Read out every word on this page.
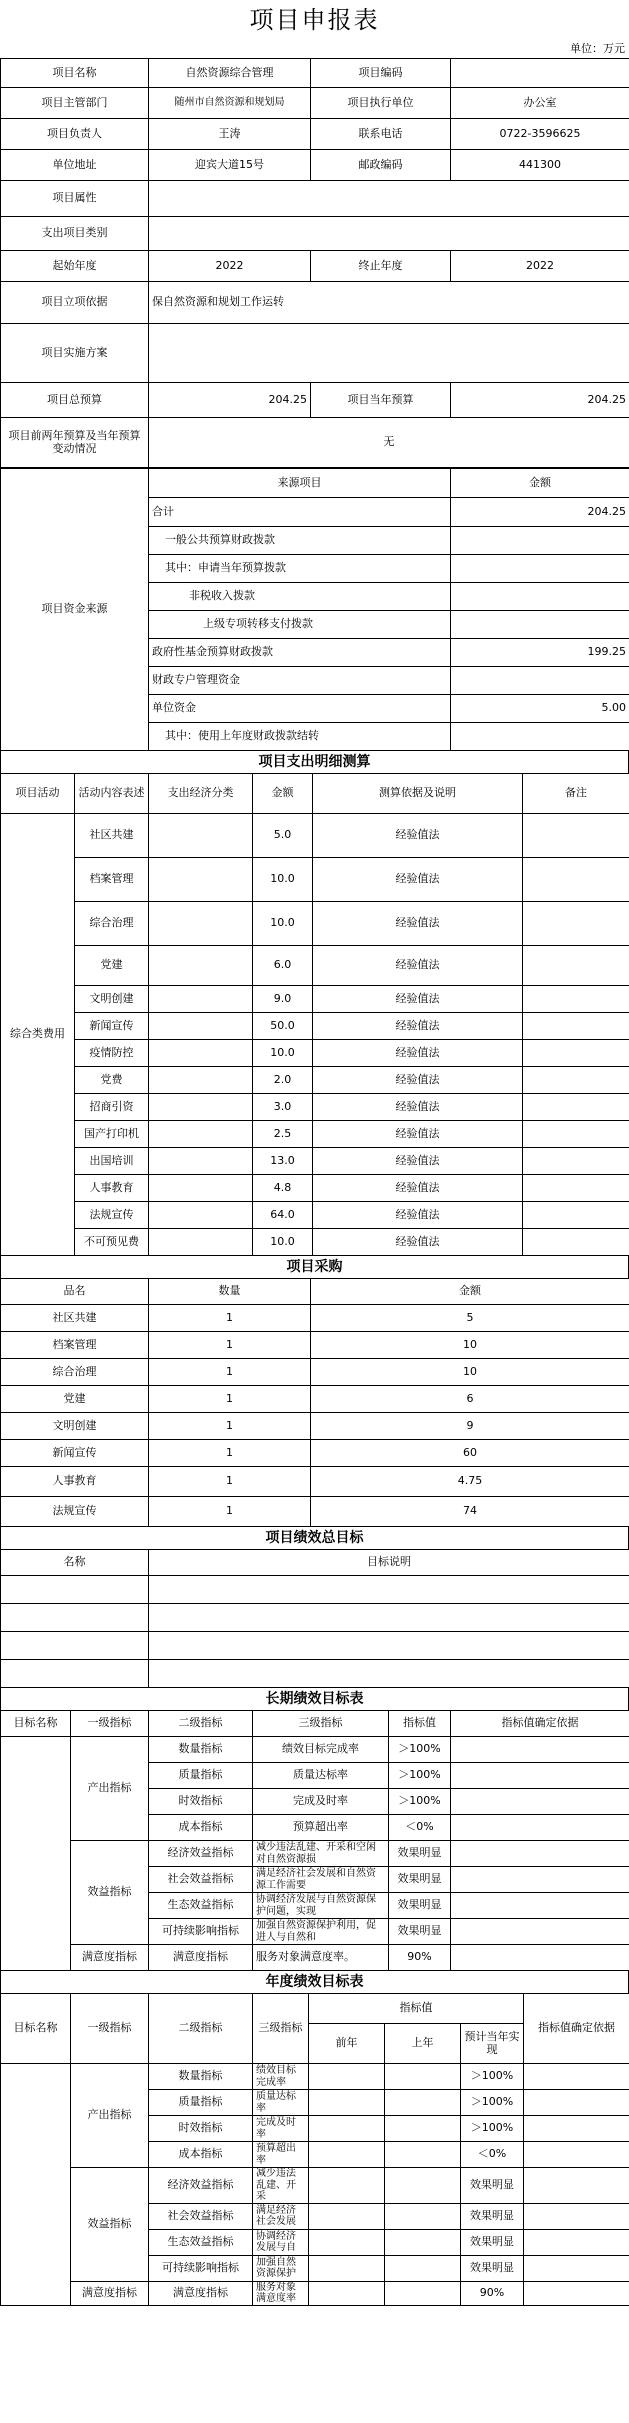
项目申报表
单位：万元
项目名称	自然资源综合管理	项目编码	
项目主管部门	随州市自然资源和规划局	项目执行单位	办公室
项目负责人	王涛	联系电话	0722-3596625
单位地址	迎宾大道15号	邮政编码	441300
项目属性			
支出项目类别			
起始年度	2022	终止年度	2022
项目立项依据	保自然资源和规划工作运转		
项目实施方案			
项目总预算	204.25	项目当年预算	204.25
项目前两年预算及当年预算变动情况	无		
项目资金来源	来源项目	金额
	合计	204.25
	一般公共预算财政拨款	
	其中：申请当年预算拨款	
	非税收入拨款	
	上级专项转移支付拨款	
	政府性基金预算财政拨款	199.25
	财政专户管理资金	
	单位资金	5.00
	其中：使用上年度财政拨款结转	
项目支出明细测算
项目活动	活动内容表述	支出经济分类	金额	测算依据及说明	备注
综合类费用	社区共建		5.0	经验值法	
	档案管理		10.0	经验值法	
	综合治理		10.0	经验值法	
	党建		6.0	经验值法	
	文明创建		9.0	经验值法	
	新闻宣传		50.0	经验值法	
	疫情防控		10.0	经验值法	
	党费		2.0	经验值法	
	招商引资		3.0	经验值法	
	国产打印机		2.5	经验值法	
	出国培训		13.0	经验值法	
	人事教育		4.8	经验值法	
	法规宣传		64.0	经验值法	
	不可预见费		10.0	经验值法	
项目采购
品名	数量	金额
社区共建	1	5
档案管理	1	10
综合治理	1	10
党建	1	6
文明创建	1	9
新闻宣传	1	60
人事教育	1	4.75
法规宣传	1	74
项目绩效总目标
名称	目标说明

长期绩效目标表
目标名称	一级指标	二级指标	三级指标	指标值	指标值确定依据
	产出指标	数量指标	绩效目标完成率	＞100%	
		质量指标	质量达标率	＞100%	
		时效指标	完成及时率	＞100%	
		成本指标	预算超出率	＜0%	
	效益指标	经济效益指标	减少违法乱建、开采和空闲对自然资源损	效果明显	
		社会效益指标	满足经济社会发展和自然资源工作需要	效果明显	
		生态效益指标	协调经济发展与自然资源保护问题，实现	效果明显	
		可持续影响指标	加强自然资源保护利用，促进人与自然和	效果明显	
	满意度指标	满意度指标	服务对象满意度率。	90%	
年度绩效目标表
目标名称	一级指标	二级指标	三级指标	指标值			指标值确定依据
				前年	上年	预计当年实现	
	产出指标	数量指标	绩效目标完成率			＞100%	
		质量指标	质量达标率			＞100%	
		时效指标	完成及时率			＞100%	
		成本指标	预算超出率			＜0%	
	效益指标	经济效益指标	减少违法乱建、开采			效果明显	
		社会效益指标	满足经济社会发展			效果明显	
		生态效益指标	协调经济发展与自			效果明显	
		可持续影响指标	加强自然资源保护			效果明显	
	满意度指标	满意度指标	服务对象满意度率			90%	
